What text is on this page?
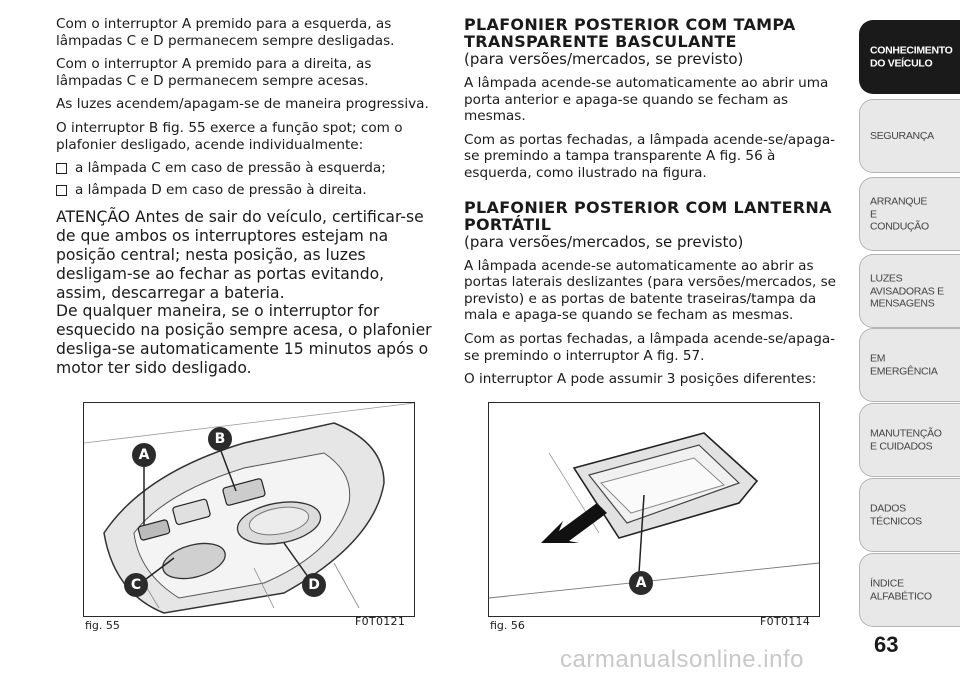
Com o interruptor A premido para a esquerda, as lâmpadas C e D permanecem sempre desligadas.

Com o interruptor A premido para a direita, as lâmpadas C e D permanecem sempre acesas.

As luzes acendem/apagam-se de maneira progressiva.

O interruptor B fig. 55 exerce a função spot; com o plafonier desligado, acende individualmente:

a lâmpada C em caso de pressão à esquerda;
a lâmpada D em caso de pressão à direita.

ATENÇÃO Antes de sair do veículo, certificar-se de que ambos os interruptores estejam na posição central; nesta posição, as luzes desligam-se ao fechar as portas evitando, assim, descarregar a bateria.

De qualquer maneira, se o interruptor for esquecido na posição sempre acesa, o plafonier desliga-se automaticamente 15 minutos após o motor ter sido desligado.

PLAFONIER POSTERIOR COM TAMPA TRANSPARENTE BASCULANTE

(para versões/mercados, se previsto)

A lâmpada acende-se automaticamente ao abrir uma porta anterior e apaga-se quando se fecham as mesmas.

Com as portas fechadas, a lâmpada acende-se/apaga-se premindo a tampa transparente A fig. 56 à esquerda, como ilustrado na figura.

PLAFONIER POSTERIOR COM LANTERNA PORTÁTIL

(para versões/mercados, se previsto)

A lâmpada acende-se automaticamente ao abrir as portas laterais deslizantes (para versões/mercados, se previsto) e as portas de batente traseiras/tampa da mala e apaga-se quando se fecham as mesmas.

Com as portas fechadas, a lâmpada acende-se/apaga-se premindo o interruptor A fig. 57.

O interruptor A pode assumir 3 posições diferentes:

A
B
C	D
fig. 55	F0T0121
A
fig. 56	F0T0114
CONHECIMENTO DO VEÍCULO
SEGURANÇA
ARRANQUE E CONDUÇÃO
LUZES AVISADORAS E MENSAGENS
EM EMERGÊNCIA
MANUTENÇÃO E CUIDADOS
DADOS TÉCNICOS
ÍNDICE ALFABÉTICO
63
carmanualsonline.info
